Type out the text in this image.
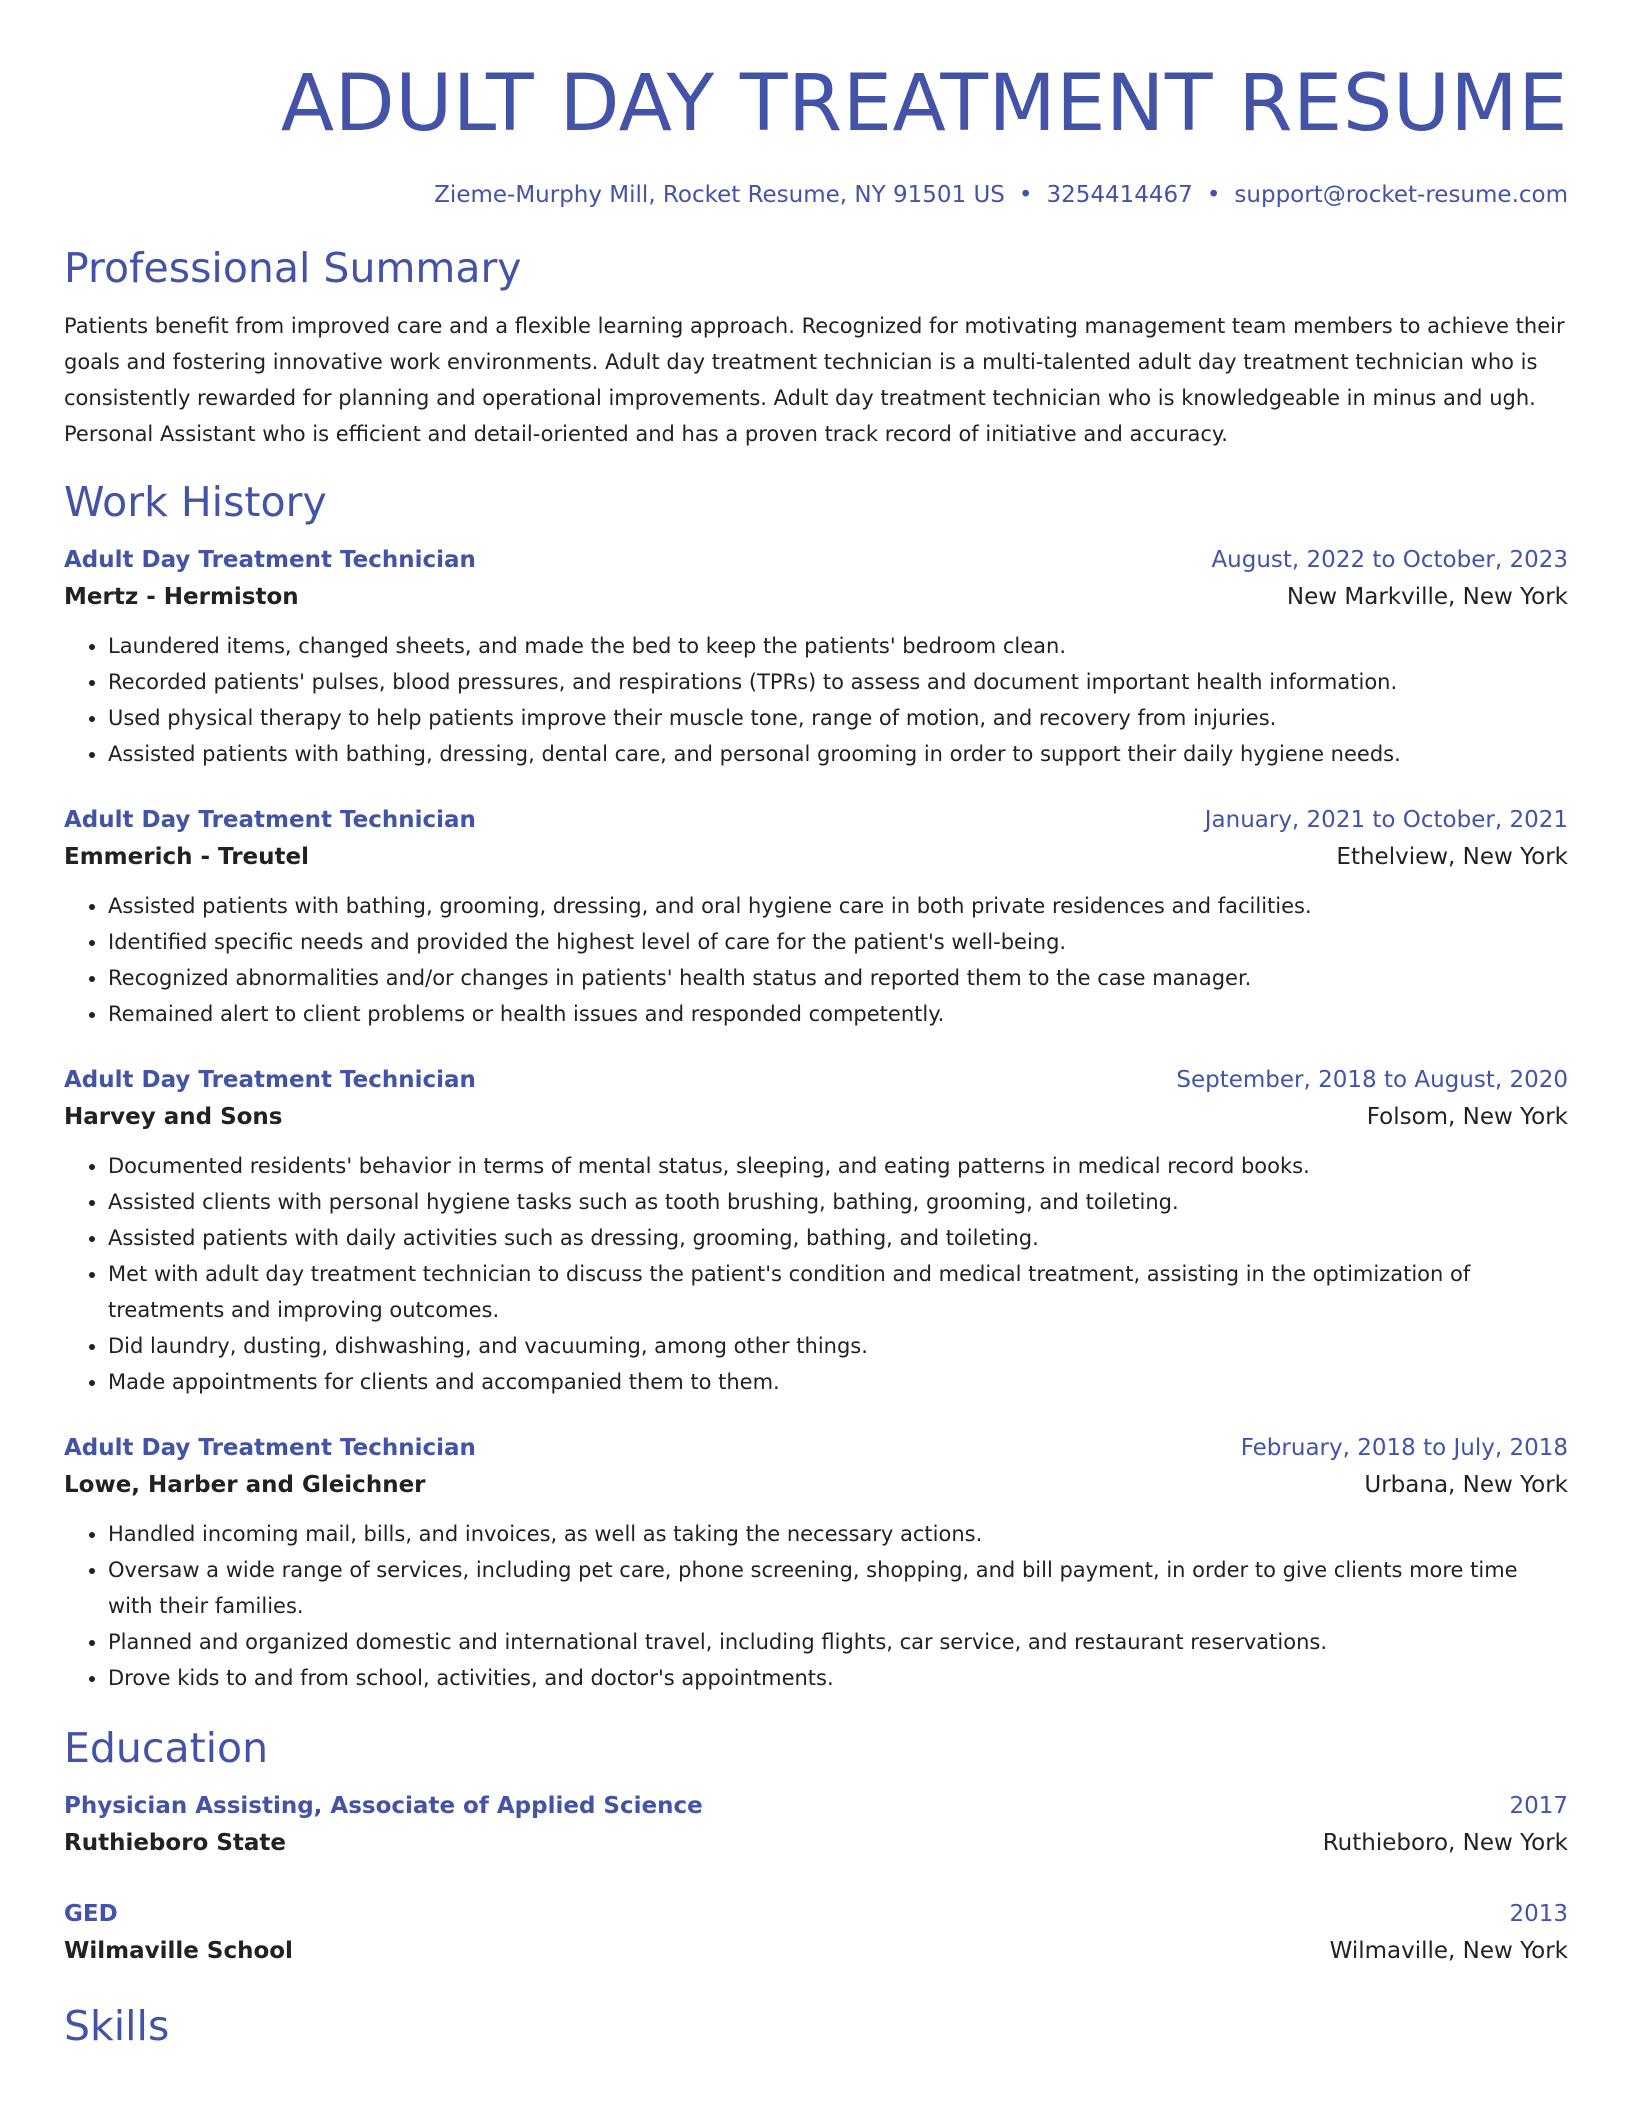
ADULT DAY TREATMENT RESUME
Zieme-Murphy Mill, Rocket Resume, NY 91501 US • 3254414467 • support@rocket-resume.com
Professional Summary

Patients benefit from improved care and a flexible learning approach. Recognized for motivating management team members to achieve their goals and fostering innovative work environments. Adult day treatment technician is a multi-talented adult day treatment technician who is consistently rewarded for planning and operational improvements. Adult day treatment technician who is knowledgeable in minus and ugh. Personal Assistant who is efficient and detail-oriented and has a proven track record of initiative and accuracy.

Work History
Adult Day Treatment Technician	August, 2022 to October, 2023
Mertz - Hermiston	New Markville, New York
• Laundered items, changed sheets, and made the bed to keep the patients' bedroom clean.
• Recorded patients' pulses, blood pressures, and respirations (TPRs) to assess and document important health information.
• Used physical therapy to help patients improve their muscle tone, range of motion, and recovery from injuries.
• Assisted patients with bathing, dressing, dental care, and personal grooming in order to support their daily hygiene needs.
Adult Day Treatment Technician	January, 2021 to October, 2021
Emmerich - Treutel	Ethelview, New York
• Assisted patients with bathing, grooming, dressing, and oral hygiene care in both private residences and facilities.
• Identified specific needs and provided the highest level of care for the patient's well-being.
• Recognized abnormalities and/or changes in patients' health status and reported them to the case manager.
• Remained alert to client problems or health issues and responded competently.
Adult Day Treatment Technician	September, 2018 to August, 2020
Harvey and Sons	Folsom, New York
• Documented residents' behavior in terms of mental status, sleeping, and eating patterns in medical record books.
• Assisted clients with personal hygiene tasks such as tooth brushing, bathing, grooming, and toileting.
• Assisted patients with daily activities such as dressing, grooming, bathing, and toileting.
• Met with adult day treatment technician to discuss the patient's condition and medical treatment, assisting in the optimization of treatments and improving outcomes.
• Did laundry, dusting, dishwashing, and vacuuming, among other things.
• Made appointments for clients and accompanied them to them.
Adult Day Treatment Technician	February, 2018 to July, 2018
Lowe, Harber and Gleichner	Urbana, New York
• Handled incoming mail, bills, and invoices, as well as taking the necessary actions.
• Oversaw a wide range of services, including pet care, phone screening, shopping, and bill payment, in order to give clients more time with their families.
• Planned and organized domestic and international travel, including flights, car service, and restaurant reservations.
• Drove kids to and from school, activities, and doctor's appointments.
Education
Physician Assisting, Associate of Applied Science	2017
Ruthieboro State	Ruthieboro, New York
GED	2013
Wilmaville School	Wilmaville, New York
Skills
